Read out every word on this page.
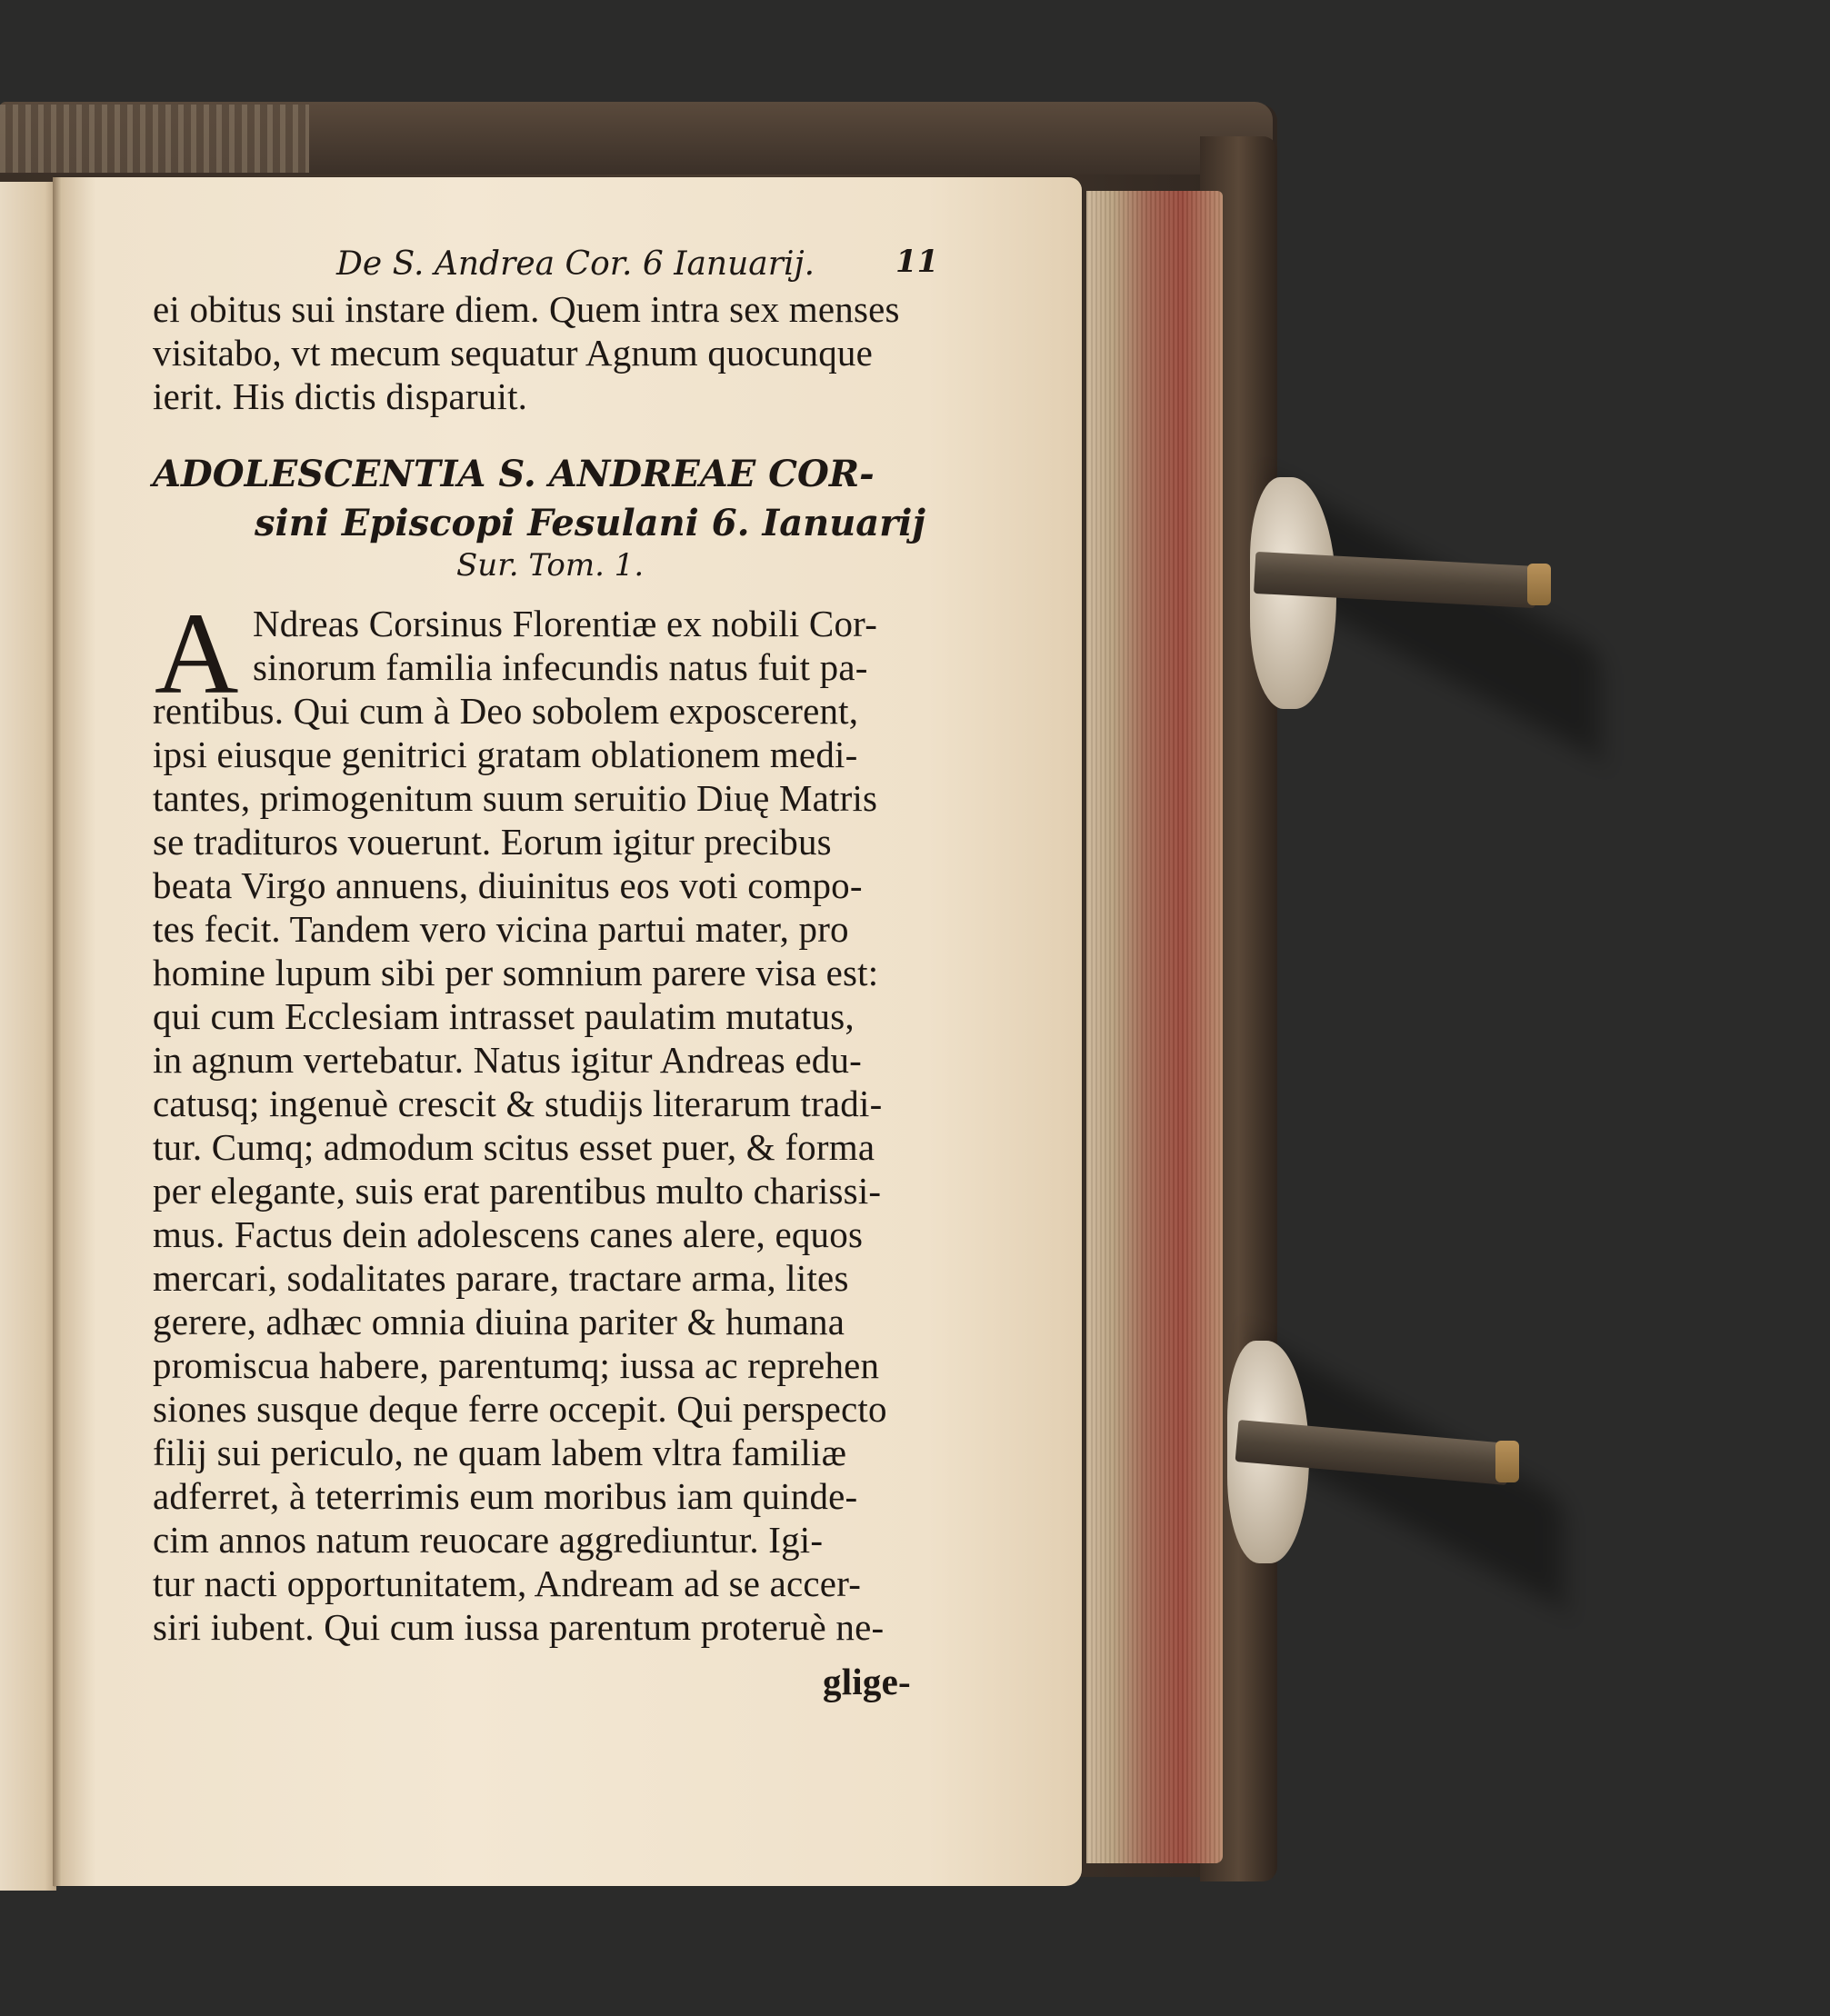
De S. Andrea Cor. 6 Ianuarij.	11
ei obitus sui instare diem. Quem intra sex menses
visitabo, vt mecum sequatur Agnum quocunque
ierit. His dictis disparuit.
ADOLESCENTIA S. ANDREAE COR-
sini Episcopi Fesulani 6. Ianuarij
Sur. Tom. 1.
A Ndreas Corsinus Florentiæ ex nobili Cor-
sinorum familia infecundis natus fuit pa-
rentibus. Qui cum à Deo sobolem exposcerent,
ipsi eiusque genitrici gratam oblationem medi-
tantes, primogenitum suum seruitio Diuę Matris
se tradituros vouerunt. Eorum igitur precibus
beata Virgo annuens, diuinitus eos voti compo-
tes fecit. Tandem vero vicina partui mater, pro
homine lupum sibi per somnium parere visa est:
qui cum Ecclesiam intrasset paulatim mutatus,
in agnum vertebatur. Natus igitur Andreas edu-
catusq; ingenuè crescit & studijs literarum tradi-
tur. Cumq; admodum scitus esset puer, & forma
per elegante, suis erat parentibus multo charissi-
mus. Factus dein adolescens canes alere, equos
mercari, sodalitates parare, tractare arma, lites
gerere, adhæc omnia diuina pariter & humana
promiscua habere, parentumq; iussa ac reprehen
siones susque deque ferre occepit. Qui perspecto
filij sui periculo, ne quam labem vltra familiæ
adferret, à teterrimis eum moribus iam quinde-
cim annos natum reuocare aggrediuntur. Igi-
tur nacti opportunitatem, Andream ad se accer-
siri iubent. Qui cum iussa parentum proteruè ne-
glige-
